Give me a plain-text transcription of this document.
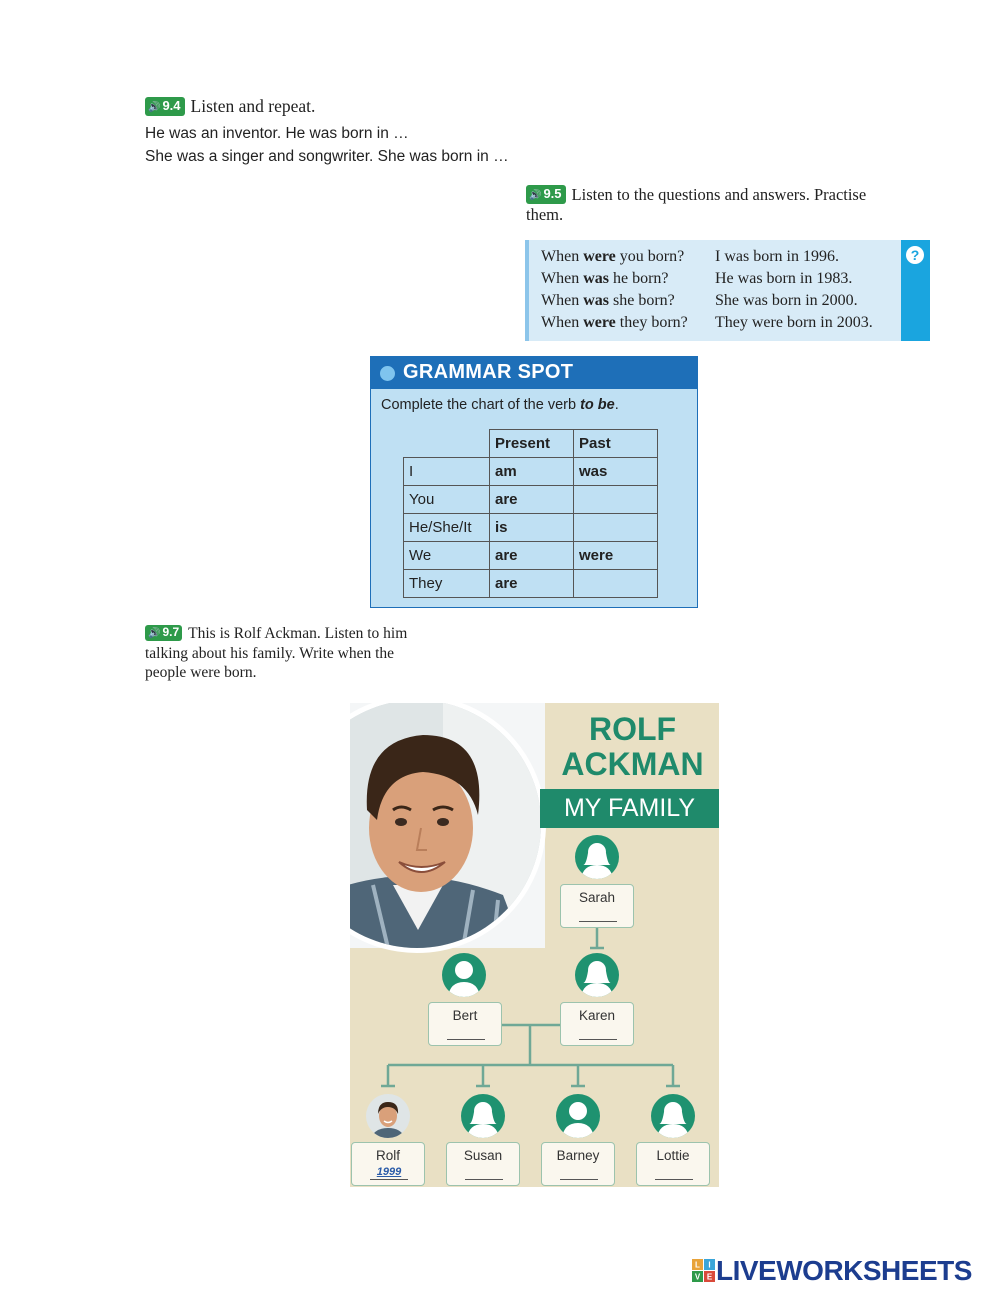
🔊 9.4 Listen and repeat.
He was an inventor. He was born in …
She was a singer and songwriter. She was born in …
🔊 9.5 Listen to the questions and answers. Practise
them.
When were you born? I was born in 1996.
When was he born?	He was born in 1983.
When was she born?	She was born in 2000.
When were they born? They were born in 2003.
?
GRAMMAR SPOT
Complete the chart of the verb to be.
	Present	Past
I	am	was
You	are	
He/She/It	is	
We	are	were
They	are	
🔊 9.7 This is Rolf Ackman. Listen to him
talking about his family. Write when the
people were born.
ROLF
ACKMAN
MY FAMILY
Sarah
Bert	Karen
Rolf
1999
Susan	Barney	Lottie
L I
V E LIVEWORKSHEETS
